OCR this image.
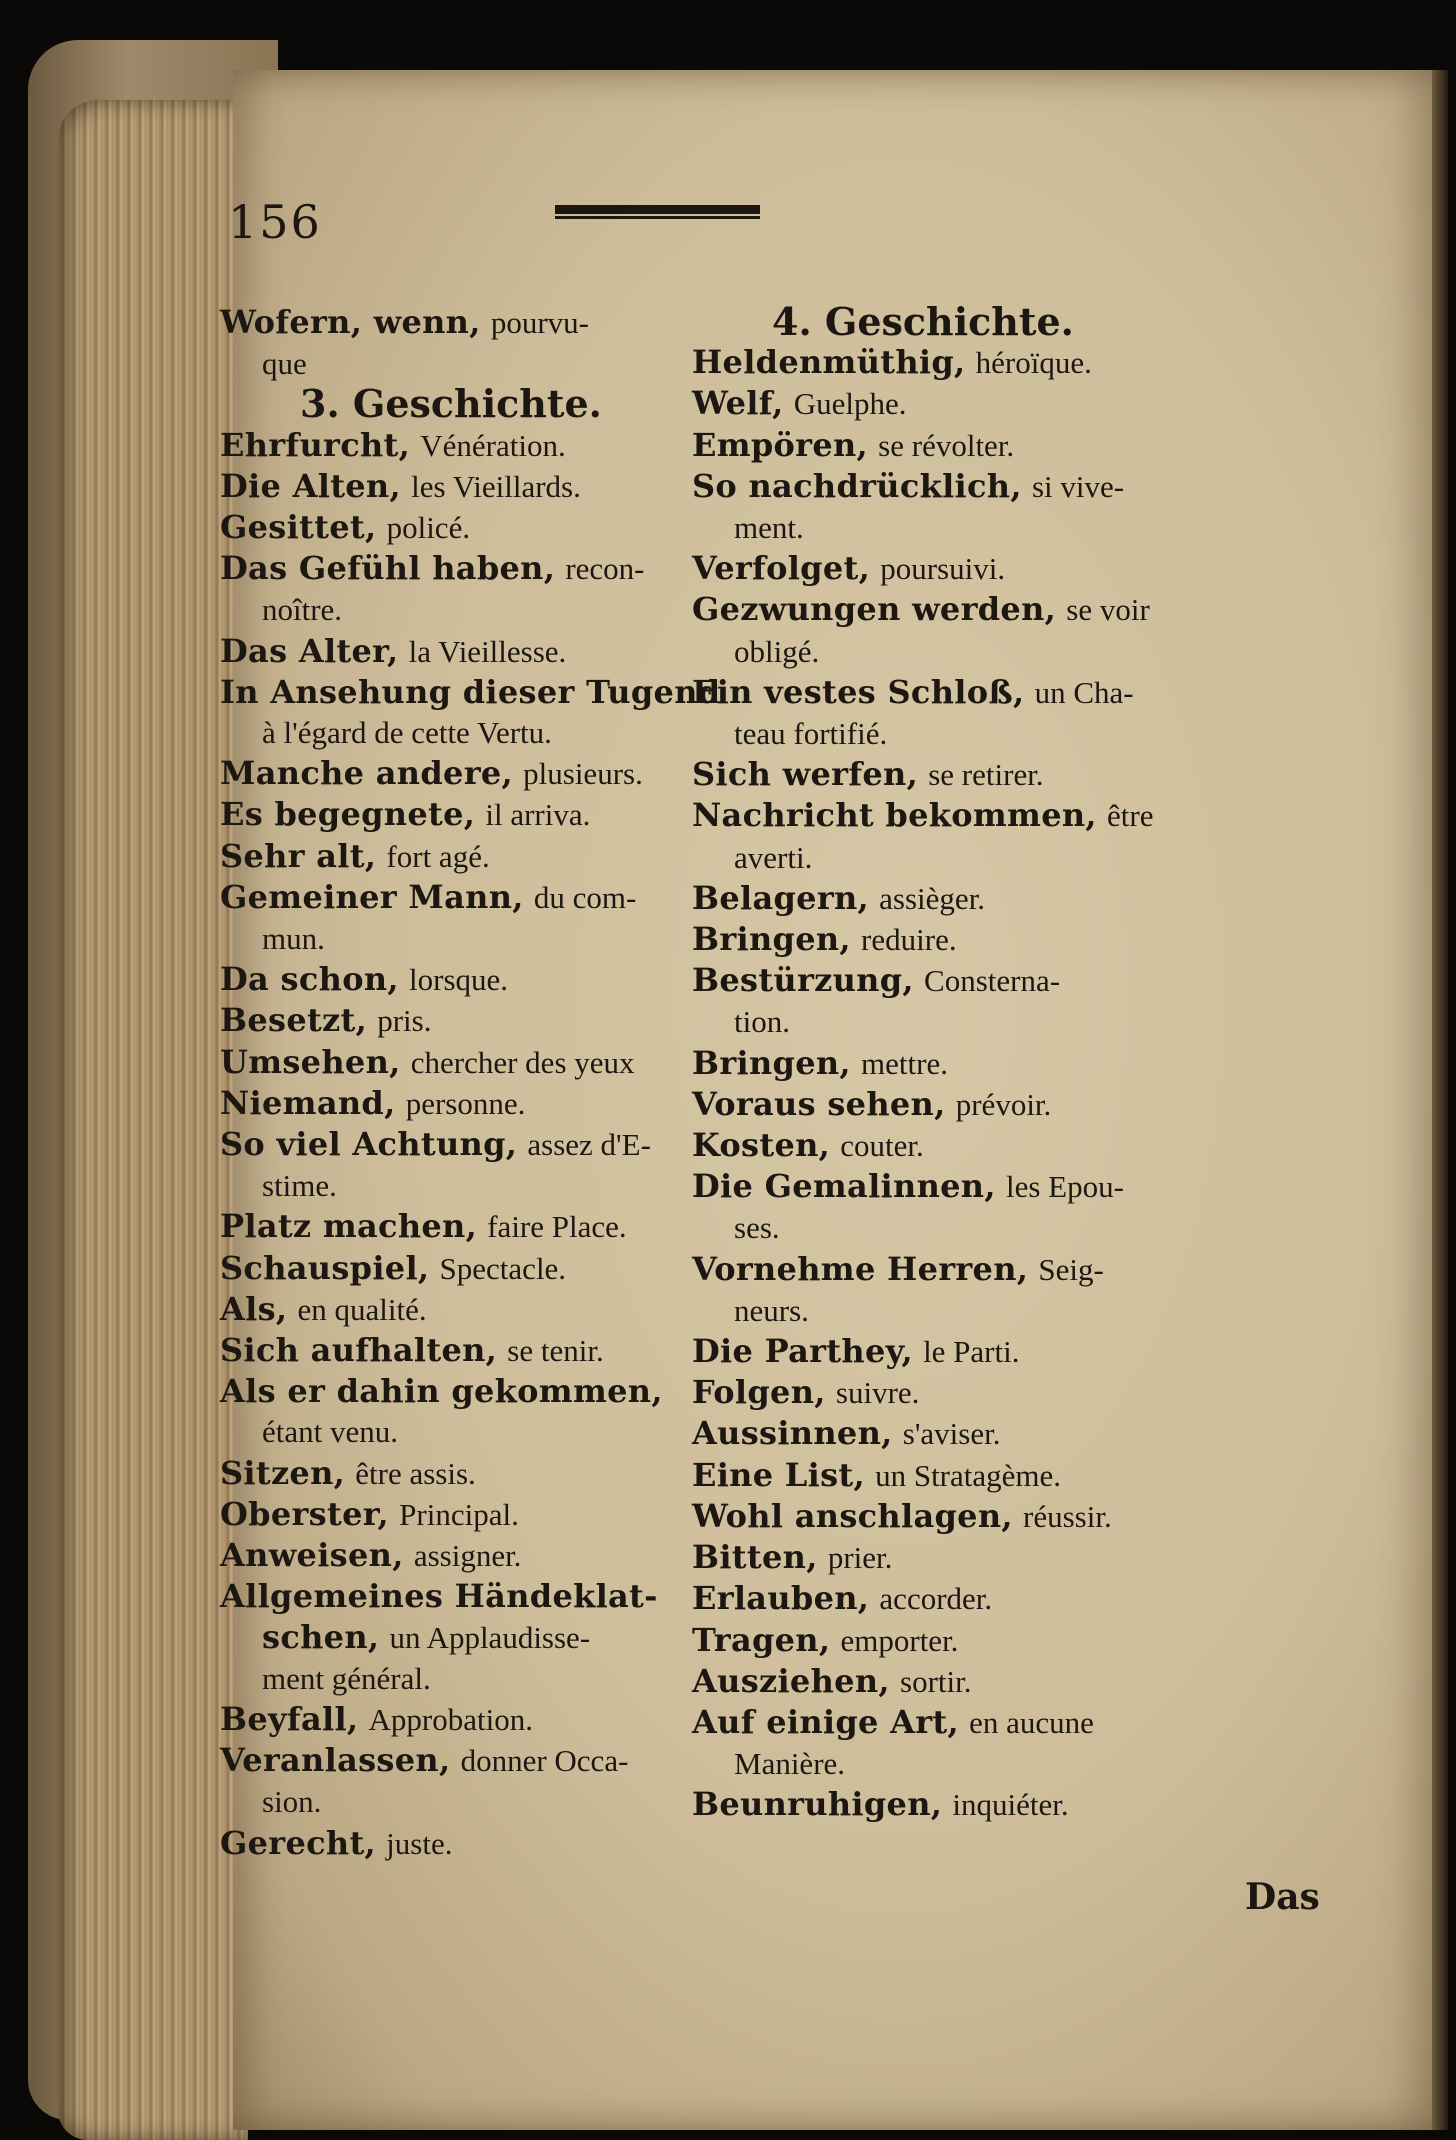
156
Wofern, wenn, pourvu-
que
3. Geschichte.
Ehrfurcht, Vénération.
Die Alten, les Vieillards.
Gesittet, policé.
Das Gefühl haben, recon-
noître.
Das Alter, la Vieillesse.
In Ansehung dieser Tugend
à l'égard de cette Vertu.
Manche andere, plusieurs.
Es begegnete, il arriva.
Sehr alt, fort agé.
Gemeiner Mann, du com-
mun.
Da schon, lorsque.
Besetzt, pris.
Umsehen, chercher des yeux
Niemand, personne.
So viel Achtung, assez d'E-
stime.
Platz machen, faire Place.
Schauspiel, Spectacle.
Als, en qualité.
Sich aufhalten, se tenir.
Als er dahin gekommen,
étant venu.
Sitzen, être assis.
Oberster, Principal.
Anweisen, assigner.
Allgemeines Händeklat-
schen, un Applaudisse-
ment général.
Beyfall, Approbation.
Veranlassen, donner Occa-
sion.
Gerecht, juste.
4. Geschichte.
Heldenmüthig, héroïque.
Welf, Guelphe.
Empören, se révolter.
So nachdrücklich, si vive-
ment.
Verfolget, poursuivi.
Gezwungen werden, se voir
obligé.
Ein vestes Schloß, un Cha-
teau fortifié.
Sich werfen, se retirer.
Nachricht bekommen, être
averti.
Belagern, assièger.
Bringen, reduire.
Bestürzung, Consterna-
tion.
Bringen, mettre.
Voraus sehen, prévoir.
Kosten, couter.
Die Gemalinnen, les Epou-
ses.
Vornehme Herren, Seig-
neurs.
Die Parthey, le Parti.
Folgen, suivre.
Aussinnen, s'aviser.
Eine List, un Stratagème.
Wohl anschlagen, réussir.
Bitten, prier.
Erlauben, accorder.
Tragen, emporter.
Ausziehen, sortir.
Auf einige Art, en aucune
Manière.
Beunruhigen, inquiéter.
Das
